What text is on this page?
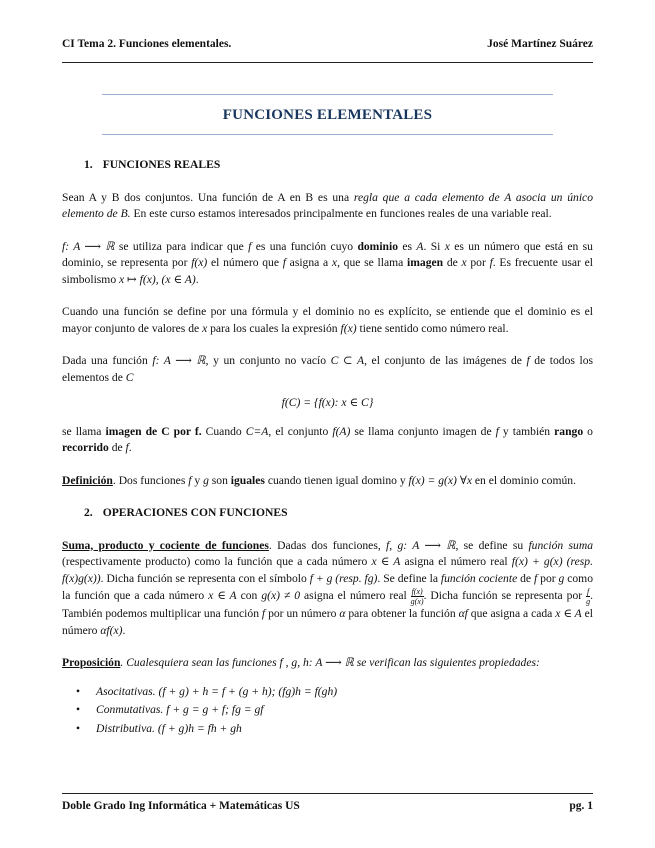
CI Tema 2. Funciones elementales.	José Martínez Suárez
FUNCIONES ELEMENTALES
1. FUNCIONES REALES

Sean A y B dos conjuntos. Una función de A en B es una regla que a cada elemento de A asocia un único elemento de B. En este curso estamos interesados principalmente en funciones reales de una variable real.

f: A ⟶ ℝ se utiliza para indicar que f es una función cuyo dominio es A. Si x es un número que está en su dominio, se representa por f(x) el número que f asigna a x, que se llama imagen de x por f. Es frecuente usar el simbolismo x ↦ f(x), (x ∈ A).

Cuando una función se define por una fórmula y el dominio no es explícito, se entiende que el dominio es el mayor conjunto de valores de x para los cuales la expresión f(x) tiene sentido como número real.

Dada una función f: A ⟶ ℝ, y un conjunto no vacío C ⊂ A, el conjunto de las imágenes de f de todos los elementos de C

f(C) = {f(x): x ∈ C}

se llama imagen de C por f. Cuando C=A, el conjunto f(A) se llama conjunto imagen de f y también rango o recorrido de f.

Definición. Dos funciones f y g son iguales cuando tienen igual domino y f(x) = g(x) ∀x en el dominio común.

2. OPERACIONES CON FUNCIONES

Suma, producto y cociente de funciones. Dadas dos funciones, f, g: A ⟶ ℝ, se define su función suma (respectivamente producto) como la función que a cada número x ∈ A asigna el número real f(x) + g(x) (resp. f(x)g(x)). Dicha función se representa con el símbolo f + g (resp. fg). Se define la función cociente de f por g como la función que a cada número x ∈ A con g(x) ≠ 0 asigna el número real $\frac{f(x)}{g(x)}$ . Dicha función se representa por $\frac{f}{g}$ . También podemos multiplicar una función f por un número α para obtener la función αf que asigna a cada x ∈ A el número αf(x).

Proposición. Cualesquiera sean las funciones f , g, h: A ⟶ ℝ se verifican las siguientes propiedades:

• Asocitativas. (f + g) + h = f + (g + h); (fg)h = f(gh)
• Conmutativas. f + g = g + f; fg = gf
• Distributiva. (f + g)h = fh + gh
Doble Grado Ing Informática + Matemáticas US	pg. 1
